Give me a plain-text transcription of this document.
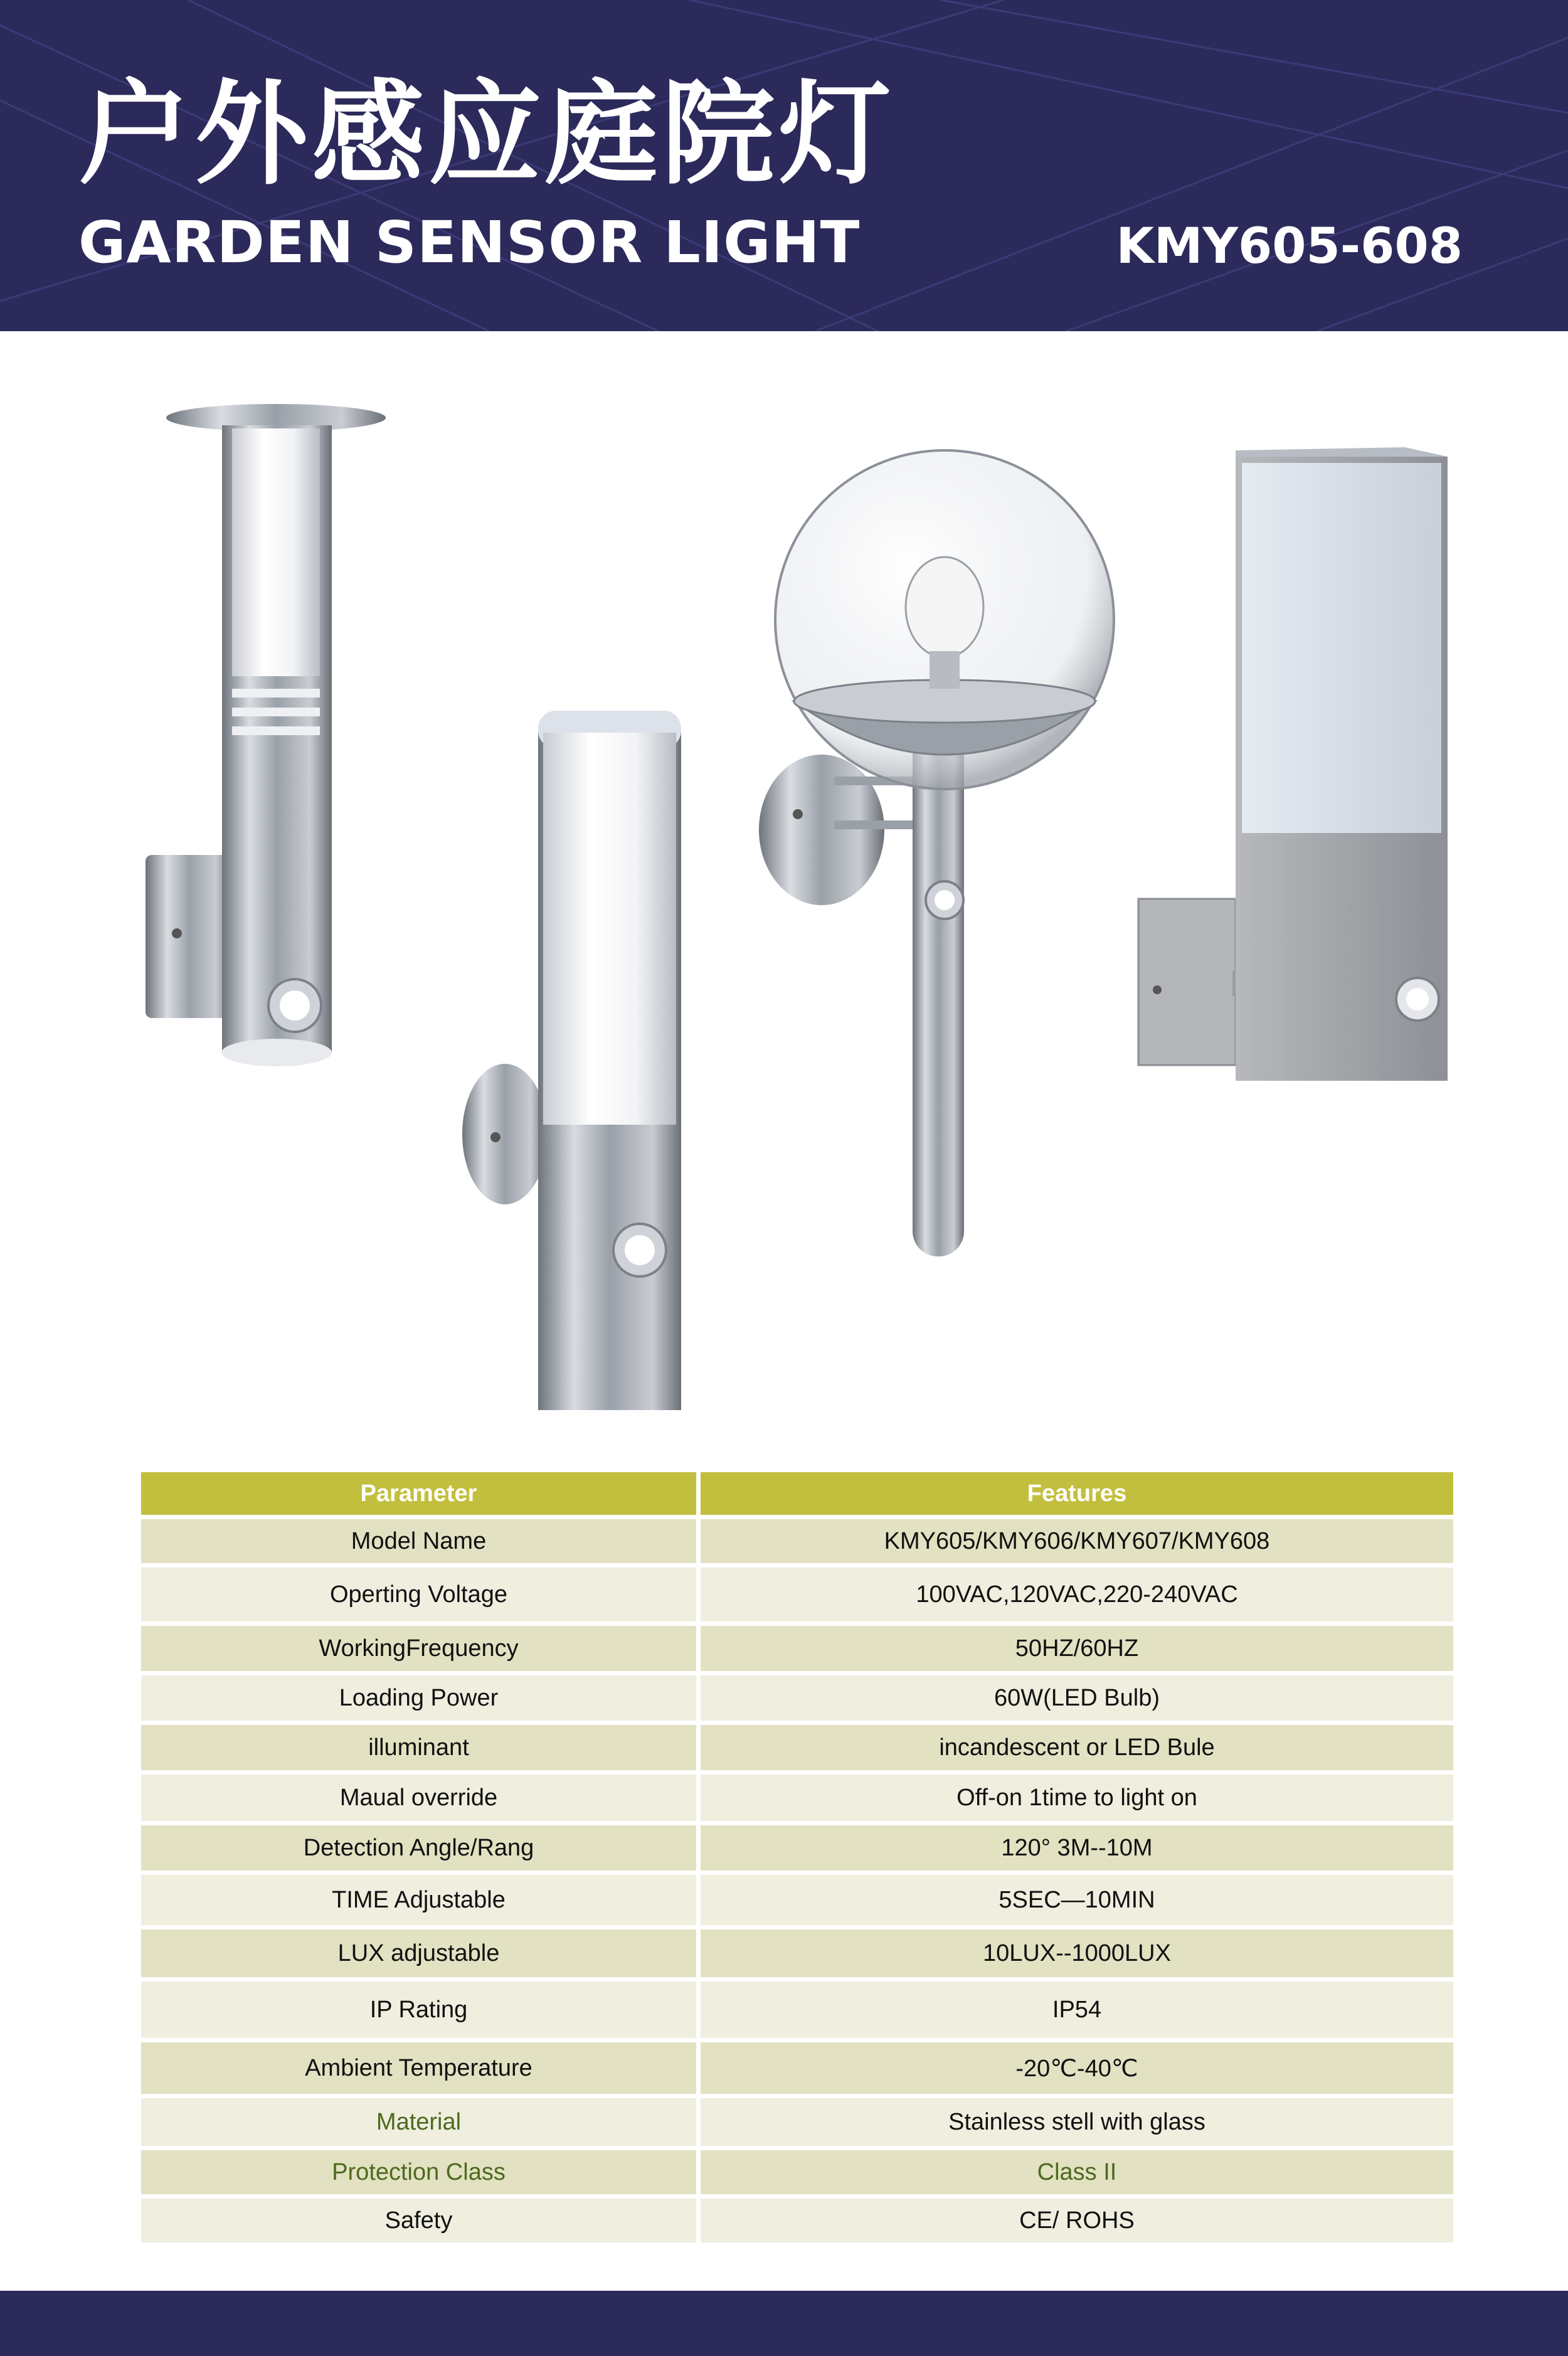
户外感应庭院灯
GARDEN SENSOR LIGHT	KMY605-608
Parameter	Features
Model Name	KMY605/KMY606/KMY607/KMY608
Operting Voltage	100VAC,120VAC,220-240VAC
WorkingFrequency	50HZ/60HZ
Loading Power	60W(LED Bulb)
illuminant	incandescent or LED Bule
Maual override	Off-on 1time to light on
Detection Angle/Rang	120° 3M--10M
TIME Adjustable	5SEC—10MIN
LUX adjustable	10LUX--1000LUX
IP Rating	IP54
Ambient Temperature	-20℃-40℃
Material	Stainless stell with glass
Protection Class	Class II
Safety	CE/ ROHS
